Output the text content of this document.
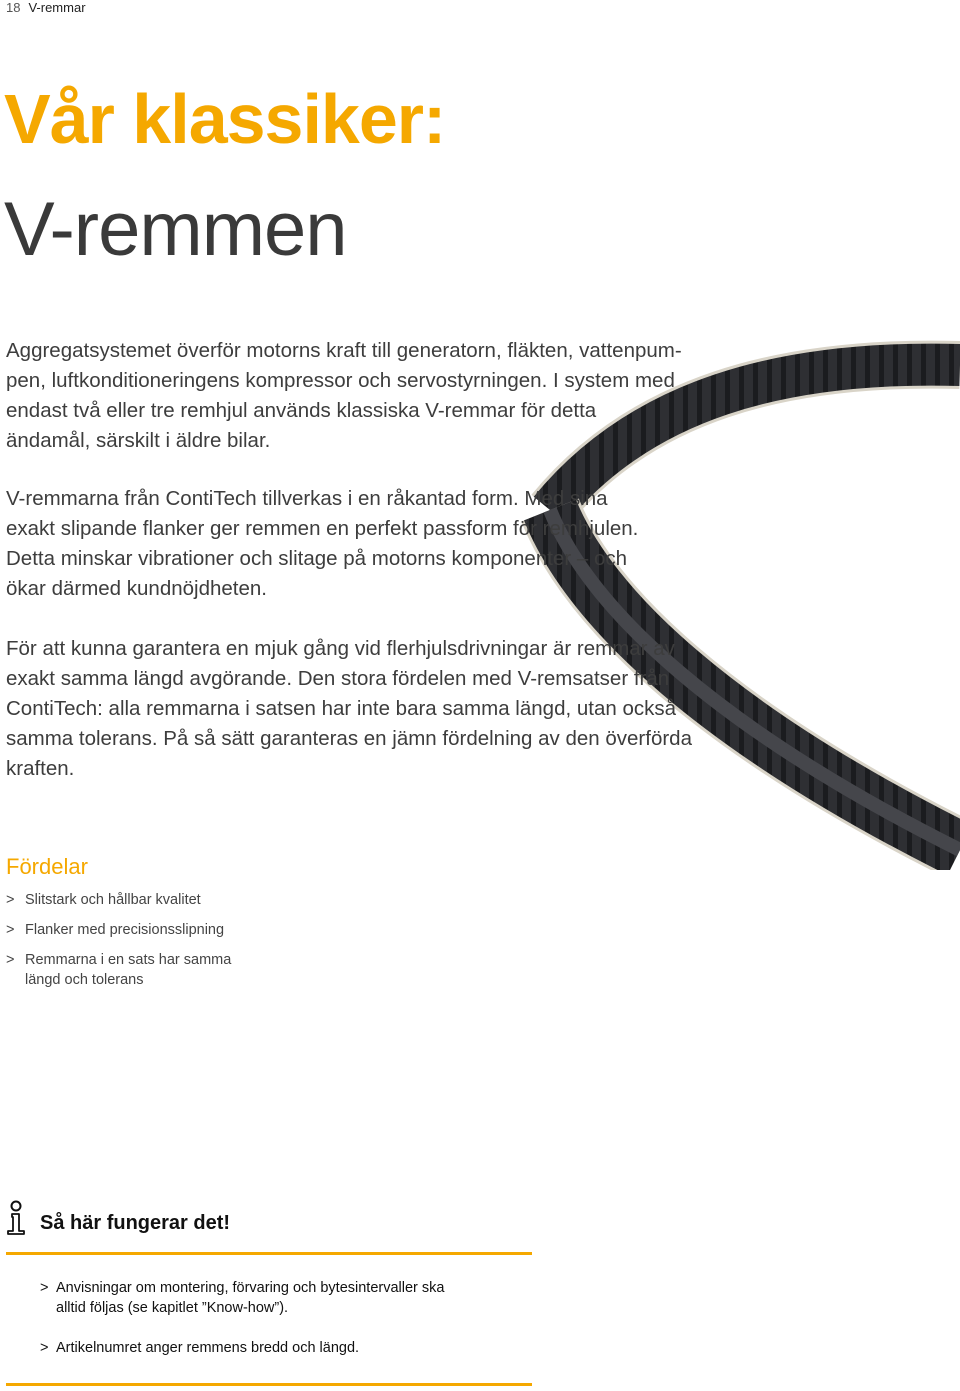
18 V-remmar
Vår klassiker:
V-remmen

Aggregatsystemet överför motorns kraft till generatorn, fläkten, vattenpum-
pen, luftkonditioneringens kompressor och servostyrningen. I system med
endast två eller tre remhjul används klassiska V-remmar för detta
ändamål, särskilt i äldre bilar.

V-remmarna från ContiTech tillverkas i en råkantad form. Med sina
exakt slipande flanker ger remmen en perfekt passform för remhjulen.
Detta minskar vibrationer och slitage på motorns komponenter – och
ökar därmed kundnöjdheten.

För att kunna garantera en mjuk gång vid flerhjulsdrivningar är remmar av
exakt samma längd avgörande. Den stora fördelen med V-remsatser från
ContiTech: alla remmarna i satsen har inte bara samma längd, utan också
samma tolerans. På så sätt garanteras en jämn fördelning av den överförda
kraften.

Fördelar
> Slitstark och hållbar kvalitet
> Flanker med precisionsslipning
> Remmarna i en sats har samma
längd och tolerans
Så här fungerar det!
> Anvisningar om montering, förvaring och bytesintervaller ska
alltid följas (se kapitlet ”Know-how”).
> Artikelnumret anger remmens bredd och längd.
